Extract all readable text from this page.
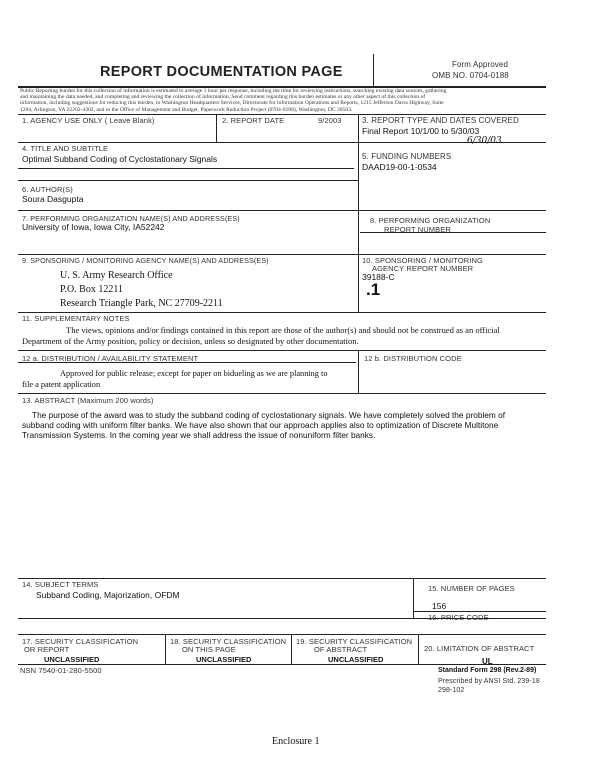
REPORT DOCUMENTATION PAGE	Form Approved
OMB NO. 0704-0188
Public Reporting burden for this collection of information is estimated to average 1 hour per response, including the time for reviewing instructions, searching existing data sources, gathering
and maintaining the data needed, and completing and reviewing the collection of information. Send comment regarding this burden estimates or any other aspect of this collection of
information, including suggestions for reducing this burden, to Washington Headquarters Services, Directorate for information Operations and Reports, 1215 Jefferson Davis Highway, Suite
1204, Arlington, VA 22202-4302, and to the Office of Management and Budget, Paperwork Reduction Project (0704-0188), Washington, DC 20503.
1. AGENCY USE ONLY ( Leave Blank)	2. REPORT DATE	9/2003	3. REPORT TYPE AND DATES COVERED
Final Report 10/1/00 to 5/30/03
6/30/03
4. TITLE AND SUBTITLE
Optimal Subband Coding of Cyclostationary Signals	5. FUNDING NUMBERS
DAAD19-00-1-0534
6. AUTHOR(S)
Soura Dasgupta
7. PERFORMING ORGANIZATION NAME(S) AND ADDRESS(ES)
University of Iowa, Iowa City, IA52242
8. PERFORMING ORGANIZATION
REPORT NUMBER
9. SPONSORING / MONITORING AGENCY NAME(S) AND ADDRESS(ES)
U. S. Army Research Office
P.O. Box 12211
Research Triangle Park, NC 27709-2211
10. SPONSORING / MONITORING
AGENCY REPORT NUMBER
39188-C
.1
11. SUPPLEMENTARY NOTES
The views, opinions and/or findings contained in this report are those of the author(s) and should not be construed as an official
Department of the Army position, policy or decision, unless so designated by other documentation.
12 a. DISTRIBUTION / AVAILABILITY STATEMENT
Approved for public release; except for paper on bidueling as we are planning to
file a patent application
12 b. DISTRIBUTION CODE
13. ABSTRACT (Maximum 200 words)
The purpose of the award was to study the subband coding of cyclostationary signals. We have completely solved the problem of
subband coding with uniform filter banks. We have also shown that our approach applies also to optimization of Discrete Multitone
Transmission Systems. In the coming year we shall address the issue of nonuniform filter banks.
14. SUBJECT TERMS
Subband Coding, Majorization, OFDM
15. NUMBER OF PAGES
156
16. PRICE CODE
17. SECURITY CLASSIFICATION
OR REPORT
UNCLASSIFIED
18. SECURITY CLASSIFICATION
ON THIS PAGE
UNCLASSIFIED
19. SECURITY CLASSIFICATION
OF ABSTRACT
UNCLASSIFIED
20. LIMITATION OF ABSTRACT
UL
NSN 7540-01-280-5500	Standard Form 298 (Rev.2-89)
Prescribed by ANSI Std. 239-18
298-102
Enclosure 1
